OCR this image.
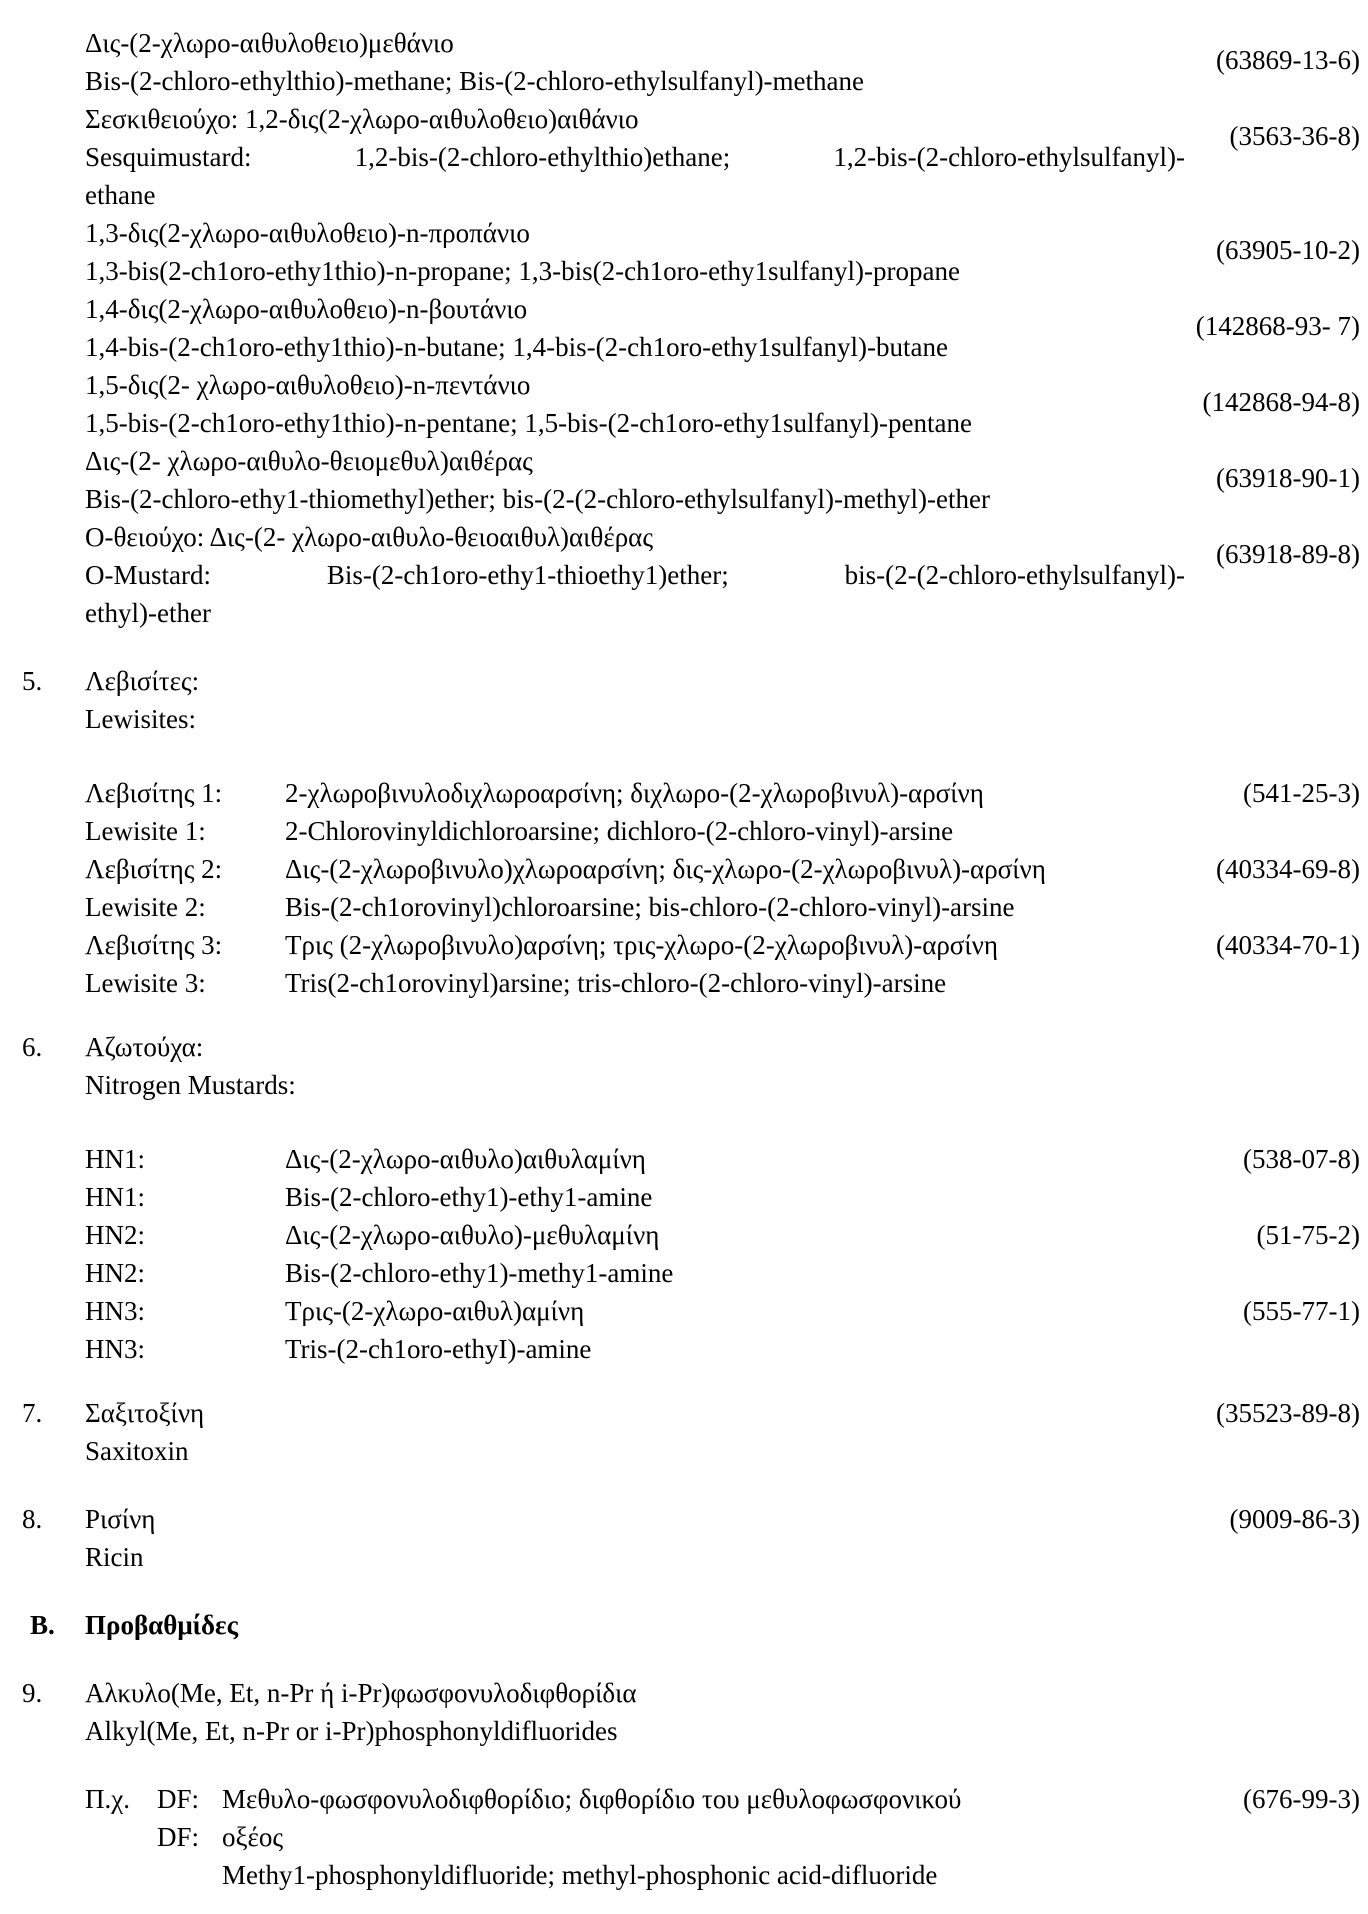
Δις-(2-χλωρο-αιθυλοθειο)μεθάνιο
(63869-13-6)
Bis-(2-chloro-ethylthio)-methane; Bis-(2-chloro-ethylsulfanyl)-methane
Σεσκιθειούχο: 1,2-δις(2-χλωρο-αιθυλοθειο)αιθάνιο
(3563-36-8)
Sesquimustard: 1,2-bis-(2-chloro-ethylthio)ethane; 1,2-bis-(2-chloro-ethylsulfanyl)-
ethane
1,3-δις(2-χλωρο-αιθυλοθειο)-n-προπάνιο
(63905-10-2)
1,3-bis(2-ch1oro-ethy1thio)-n-propane; 1,3-bis(2-ch1oro-ethy1sulfanyl)-propane
1,4-δις(2-χλωρο-αιθυλοθειο)-n-βουτάνιο
(142868-93- 7)
1,4-bis-(2-ch1oro-ethy1thio)-n-butane; 1,4-bis-(2-ch1oro-ethy1sulfanyl)-butane
1,5-δις(2- χλωρο-αιθυλοθειο)-n-πεντάνιο
(142868-94-8)
1,5-bis-(2-ch1oro-ethy1thio)-n-pentane; 1,5-bis-(2-ch1oro-ethy1sulfanyl)-pentane
Δις-(2- χλωρο-αιθυλο-θειομεθυλ)αιθέρας
(63918-90-1)
Bis-(2-chloro-ethy1-thiomethyl)ether; bis-(2-(2-chloro-ethylsulfanyl)-methyl)-ether
Ο-θειούχο: Δις-(2- χλωρο-αιθυλο-θειοαιθυλ)αιθέρας
(63918-89-8)
O-Mustard: Bis-(2-ch1oro-ethy1-thioethy1)ether; bis-(2-(2-chloro-ethylsulfanyl)-
ethyl)-ether
5. Λεβισίτες:
Lewisites:
Λεβισίτης 1:	2-χλωροβινυλοδιχλωροαρσίνη; διχλωρο-(2-χλωροβινυλ)-αρσίνη	(541-25-3)
Lewisite 1:	2-Chlorovinyldichloroarsine; dichloro-(2-chloro-vinyl)-arsine
Λεβισίτης 2:	Δις-(2-χλωροβινυλο)χλωροαρσίνη; δις-χλωρο-(2-χλωροβινυλ)-αρσίνη	(40334-69-8)
Lewisite 2:	Bis-(2-ch1orovinyl)chloroarsine; bis-chloro-(2-chloro-vinyl)-arsine
Λεβισίτης 3:	Τρις (2-χλωροβινυλο)αρσίνη; τρις-χλωρο-(2-χλωροβινυλ)-αρσίνη	(40334-70-1)
Lewisite 3:	Tris(2-ch1orovinyl)arsine; tris-chloro-(2-chloro-vinyl)-arsine
6. Αζωτούχα:
Nitrogen Mustards:
HN1:	Δις-(2-χλωρο-αιθυλο)αιθυλαμίνη	(538-07-8)
HN1:	Bis-(2-chloro-ethy1)-ethy1-amine
HN2:	Δις-(2-χλωρο-αιθυλο)-μεθυλαμίνη	(51-75-2)
HN2:	Bis-(2-chloro-ethy1)-methy1-amine
HN3:	Τρις-(2-χλωρο-αιθυλ)αμίνη	(555-77-1)
HN3:	Tris-(2-ch1oro-ethyI)-amine
7. Σαξιτοξίνη	(35523-89-8)
Saxitoxin
8. Ρισίνη	(9009-86-3)
Ricin
B. Προβαθμίδες
9. Αλκυλο(Me, Et, n-Pr ή i-Pr)φωσφονυλοδιφθορίδια
Alkyl(Me, Et, n-Pr or i-Pr)phosphonyldifluorides
Π.χ.	DF: Μεθυλο-φωσφονυλοδιφθορίδιο; διφθορίδιο του μεθυλοφωσφονικού	(676-99-3)
DF: οξέος
Methy1-phosphonyldifluoride; methyl-phosphonic acid-difluoride
